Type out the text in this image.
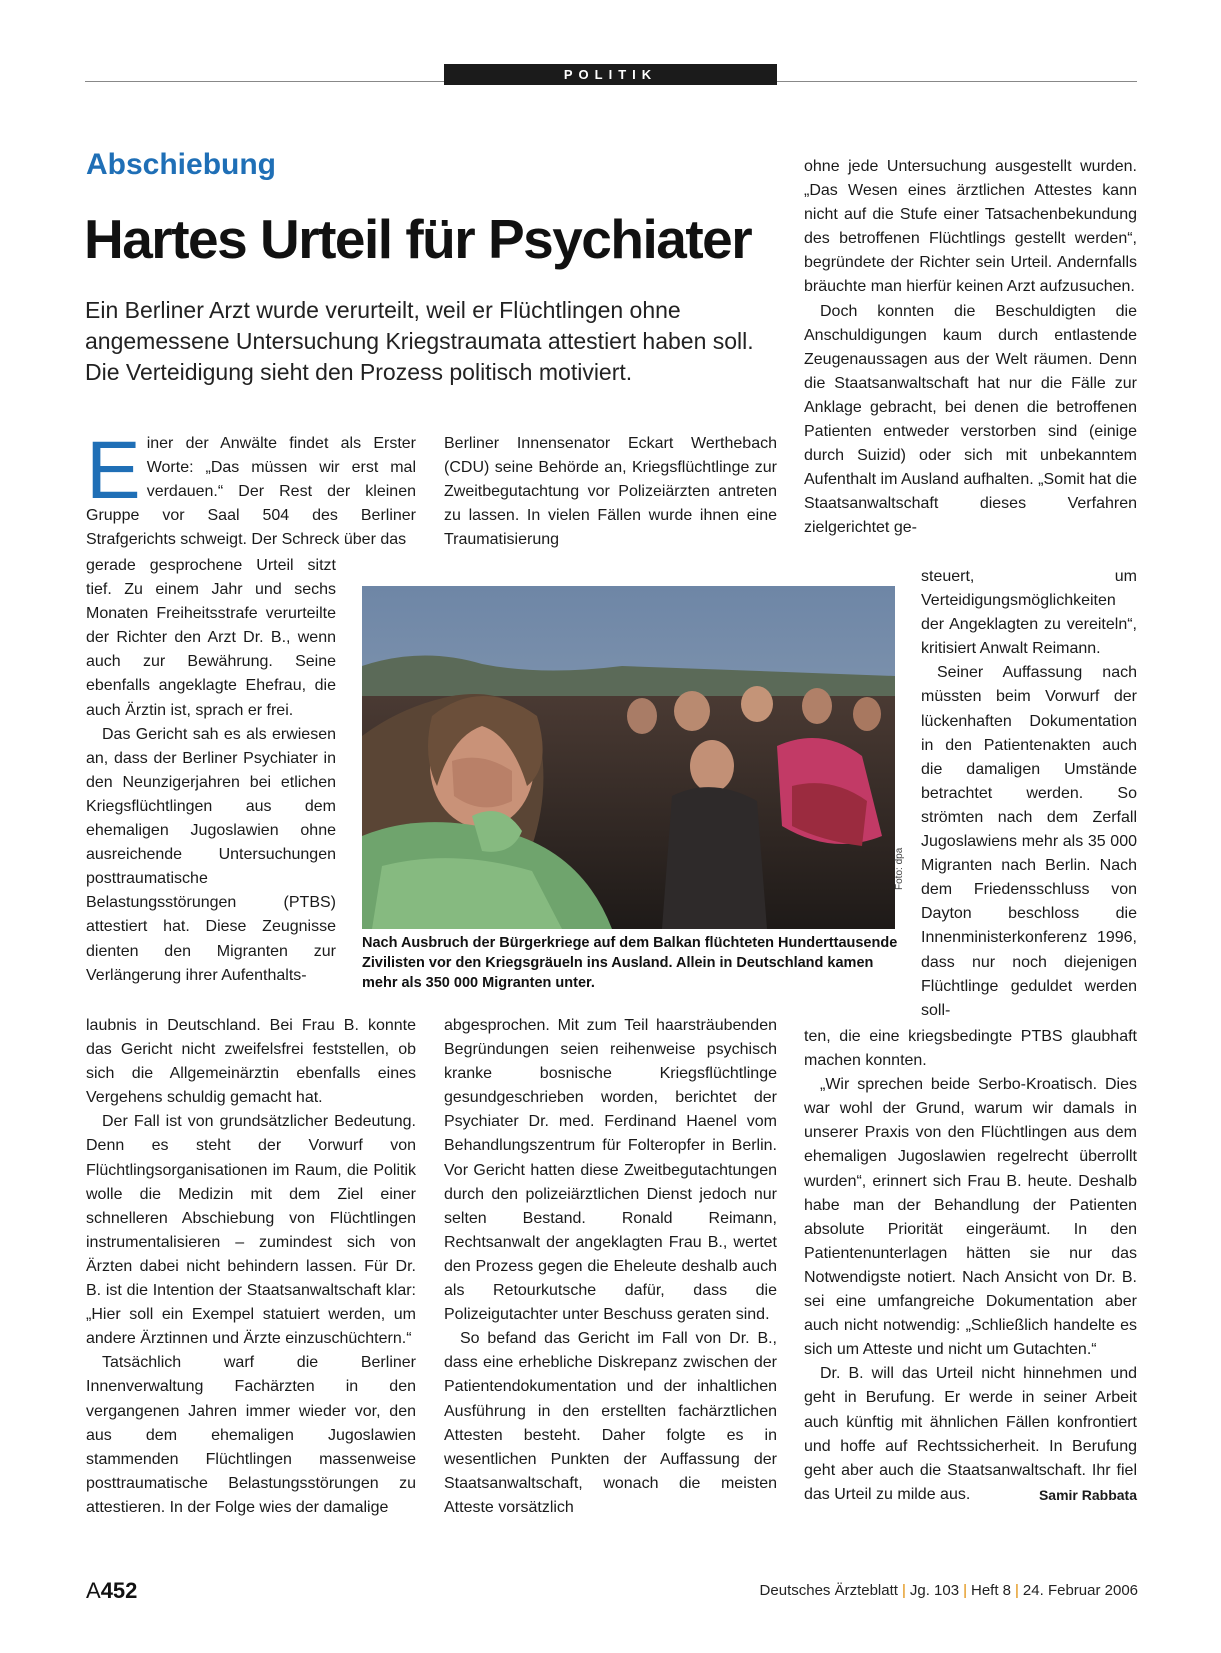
POLITIK
Abschiebung
Hartes Urteil für Psychiater

Ein Berliner Arzt wurde verurteilt, weil er Flüchtlingen ohne angemessene Untersuchung Kriegstraumata attestiert haben soll. Die Verteidigung sieht den Prozess politisch motiviert.

Einer der Anwälte findet als Erster Worte: „Das müssen wir erst mal verdauen.“ Der Rest der kleinen Gruppe vor Saal 504 des Berliner Strafgerichts schweigt. Der Schreck über das

gerade gesprochene Urteil sitzt tief. Zu einem Jahr und sechs Monaten Freiheitsstrafe verurteilte der Richter den Arzt Dr. B., wenn auch zur Bewährung. Seine ebenfalls angeklagte Ehefrau, die auch Ärztin ist, sprach er frei.

Das Gericht sah es als erwiesen an, dass der Berliner Psychiater in den Neunzigerjahren bei etlichen Kriegsflüchtlingen aus dem ehemaligen Jugoslawien ohne ausreichende Untersuchungen posttraumatische Belastungsstörungen (PTBS) attestiert hat. Diese Zeugnisse dienten den Migranten zur Verlängerung ihrer Aufenthalts-

laubnis in Deutschland. Bei Frau B. konnte das Gericht nicht zweifelsfrei feststellen, ob sich die Allgemeinärztin ebenfalls eines Vergehens schuldig gemacht hat.

Der Fall ist von grundsätzlicher Bedeutung. Denn es steht der Vorwurf von Flüchtlingsorganisationen im Raum, die Politik wolle die Medizin mit dem Ziel einer schnelleren Abschiebung von Flüchtlingen instrumentalisieren – zumindest sich von Ärzten dabei nicht behindern lassen. Für Dr. B. ist die Intention der Staatsanwaltschaft klar: „Hier soll ein Exempel statuiert werden, um andere Ärztinnen und Ärzte einzuschüchtern.“

Tatsächlich warf die Berliner Innenverwaltung Fachärzten in den vergangenen Jahren immer wieder vor, den aus dem ehemaligen Jugoslawien stammenden Flüchtlingen massenweise posttraumatische Belastungsstörungen zu attestieren. In der Folge wies der damalige

Berliner Innensenator Eckart Werthebach (CDU) seine Behörde an, Kriegsflüchtlinge zur Zweitbegutachtung vor Polizeiärzten antreten zu lassen. In vielen Fällen wurde ihnen eine Traumatisierung

abgesprochen. Mit zum Teil haarsträubenden Begründungen seien reihenweise psychisch kranke bosnische Kriegsflüchtlinge gesundgeschrieben worden, berichtet der Psychiater Dr. med. Ferdinand Haenel vom Behandlungszentrum für Folteropfer in Berlin. Vor Gericht hatten diese Zweitbegutachtungen durch den polizeiärztlichen Dienst jedoch nur selten Bestand. Ronald Reimann, Rechtsanwalt der angeklagten Frau B., wertet den Prozess gegen die Eheleute deshalb auch als Retourkutsche dafür, dass die Polizeigutachter unter Beschuss geraten sind.

So befand das Gericht im Fall von Dr. B., dass eine erhebliche Diskrepanz zwischen der Patientendokumentation und der inhaltlichen Ausführung in den erstellten fachärztlichen Attesten besteht. Daher folgte es in wesentlichen Punkten der Auffassung der Staatsanwaltschaft, wonach die meisten Atteste vorsätzlich

ohne jede Untersuchung ausgestellt wurden. „Das Wesen eines ärztlichen Attestes kann nicht auf die Stufe einer Tatsachenbekundung des betroffenen Flüchtlings gestellt werden“, begründete der Richter sein Urteil. Andernfalls bräuchte man hierfür keinen Arzt aufzusuchen.

Doch konnten die Beschuldigten die Anschuldigungen kaum durch entlastende Zeugenaussagen aus der Welt räumen. Denn die Staatsanwaltschaft hat nur die Fälle zur Anklage gebracht, bei denen die betroffenen Patienten entweder verstorben sind (einige durch Suizid) oder sich mit unbekanntem Aufenthalt im Ausland aufhalten. „Somit hat die Staatsanwaltschaft dieses Verfahren zielgerichtet ge-

steuert, um Verteidigungsmöglichkeiten der Angeklagten zu vereiteln“, kritisiert Anwalt Reimann.

Seiner Auffassung nach müssten beim Vorwurf der lückenhaften Dokumentation in den Patientenakten auch die damaligen Umstände betrachtet werden. So strömten nach dem Zerfall Jugoslawiens mehr als 35 000 Migranten nach Berlin. Nach dem Friedensschluss von Dayton beschloss die Innenministerkonferenz 1996, dass nur noch diejenigen Flüchtlinge geduldet werden soll-

ten, die eine kriegsbedingte PTBS glaubhaft machen konnten.

„Wir sprechen beide Serbo-Kroatisch. Dies war wohl der Grund, warum wir damals in unserer Praxis von den Flüchtlingen aus dem ehemaligen Jugoslawien regelrecht überrollt wurden“, erinnert sich Frau B. heute. Deshalb habe man der Behandlung der Patienten absolute Priorität eingeräumt. In den Patientenunterlagen hätten sie nur das Notwendigste notiert. Nach Ansicht von Dr. B. sei eine umfangreiche Dokumentation aber auch nicht notwendig: „Schließlich handelte es sich um Atteste und nicht um Gutachten.“

Dr. B. will das Urteil nicht hinnehmen und geht in Berufung. Er werde in seiner Arbeit auch künftig mit ähnlichen Fällen konfrontiert und hoffe auf Rechtssicherheit. In Berufung geht aber auch die Staatsanwaltschaft. Ihr fiel das Urteil zu milde aus.	Samir Rabbata

Foto: dpa
Nach Ausbruch der Bürgerkriege auf dem Balkan flüchteten Hunderttausende Zivilisten vor den Kriegsgräueln ins Ausland. Allein in Deutschland kamen mehr als 350 000 Migranten unter.
A452	Deutsches Ärzteblatt | Jg. 103 | Heft 8 | 24. Februar 2006
